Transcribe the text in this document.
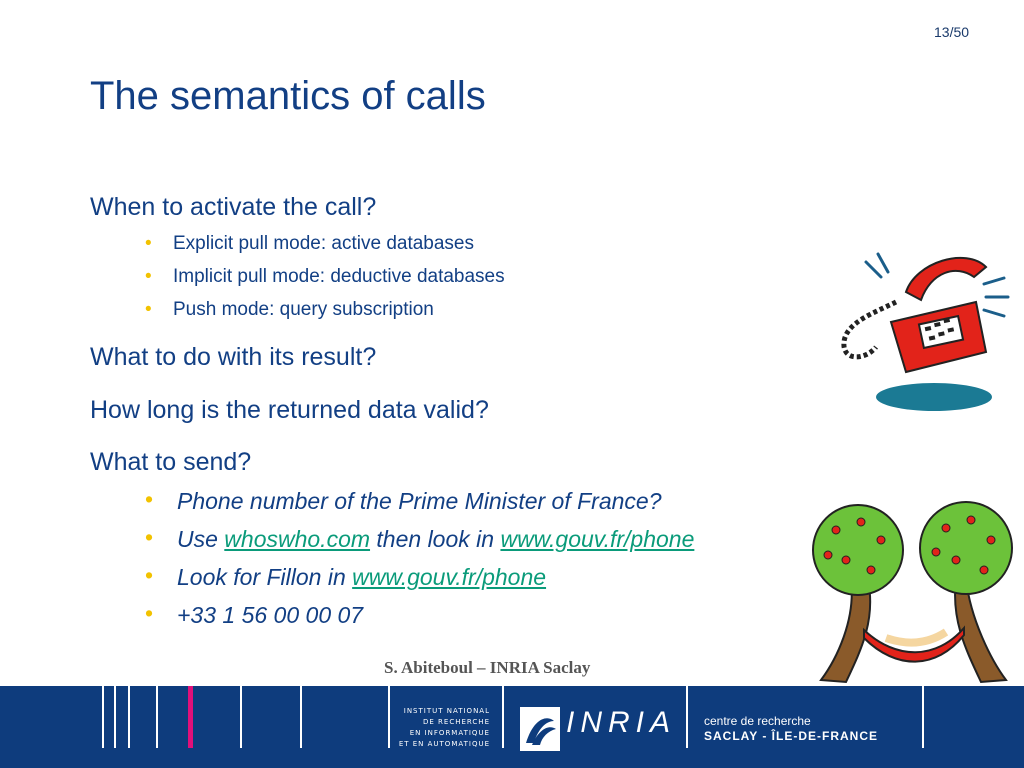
13/50
The semantics of calls
When to activate the call?
• Explicit pull mode: active databases
• Implicit pull mode: deductive databases
• Push mode: query subscription
What to do with its result?
How long is the returned data valid?
What to send?
• Phone number of the Prime Minister of France?
• Use whoswho.com then look in www.gouv.fr/phone
• Look for Fillon in www.gouv.fr/phone
• +33 1 56 00 00 07
S. Abiteboul – INRIA Saclay
INSTITUT NATIONAL
DE RECHERCHE
EN INFORMATIQUE
ET EN AUTOMATIQUE
INRIA centre de recherche
SACLAY - ÎLE-DE-FRANCE
